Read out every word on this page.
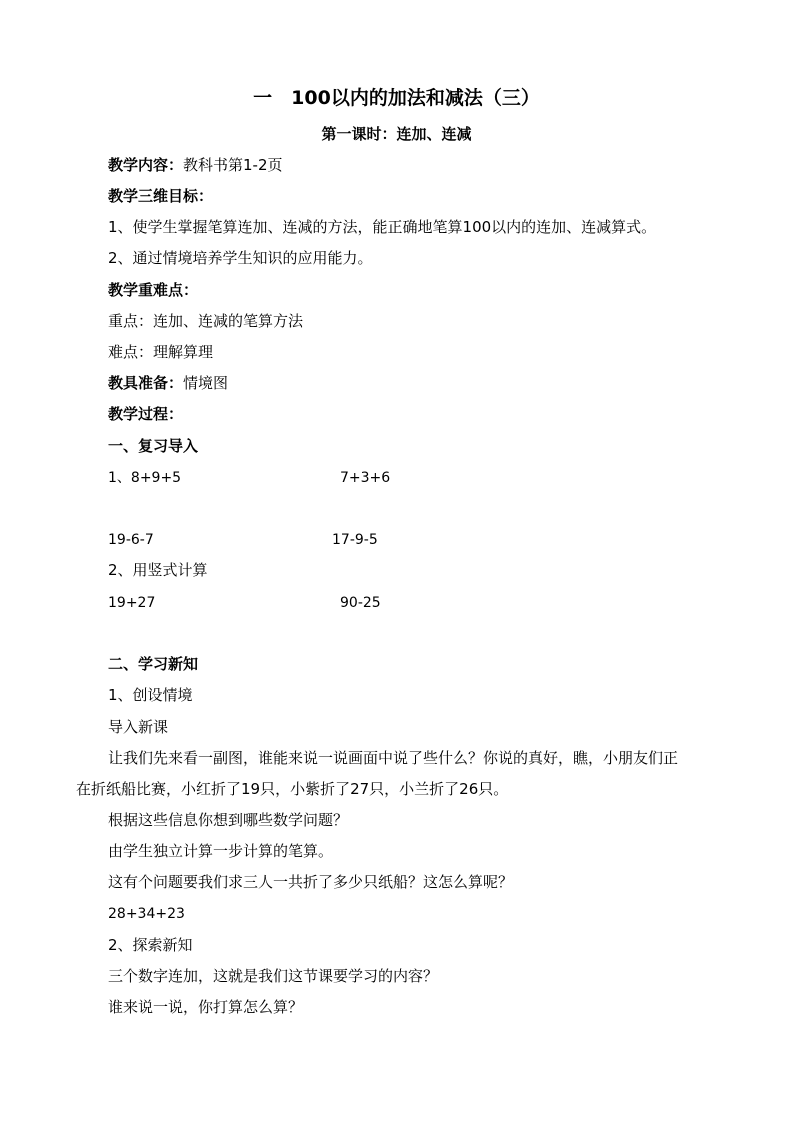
一　100以内的加法和减法（三）
第一课时：连加、连减
教学内容：教科书第1-2页
教学三维目标：
1、使学生掌握笔算连加、连减的方法，能正确地笔算100以内的连加、连减算式。
2、通过情境培养学生知识的应用能力。
教学重难点：
重点：连加、连减的笔算方法
难点：理解算理
教具准备：情境图
教学过程：
一、复习导入
1、8+9+5	7+3+6
19-6-7	17-9-5
2、用竖式计算
19+27	90-25
二、学习新知
1、创设情境
导入新课
让我们先来看一副图，谁能来说一说画面中说了些什么？你说的真好，瞧，小朋友们正
在折纸船比赛，小红折了19只，小紫折了27只，小兰折了26只。
根据这些信息你想到哪些数学问题？
由学生独立计算一步计算的笔算。
这有个问题要我们求三人一共折了多少只纸船？这怎么算呢？
28+34+23
2、探索新知
三个数字连加，这就是我们这节课要学习的内容？
谁来说一说，你打算怎么算？
